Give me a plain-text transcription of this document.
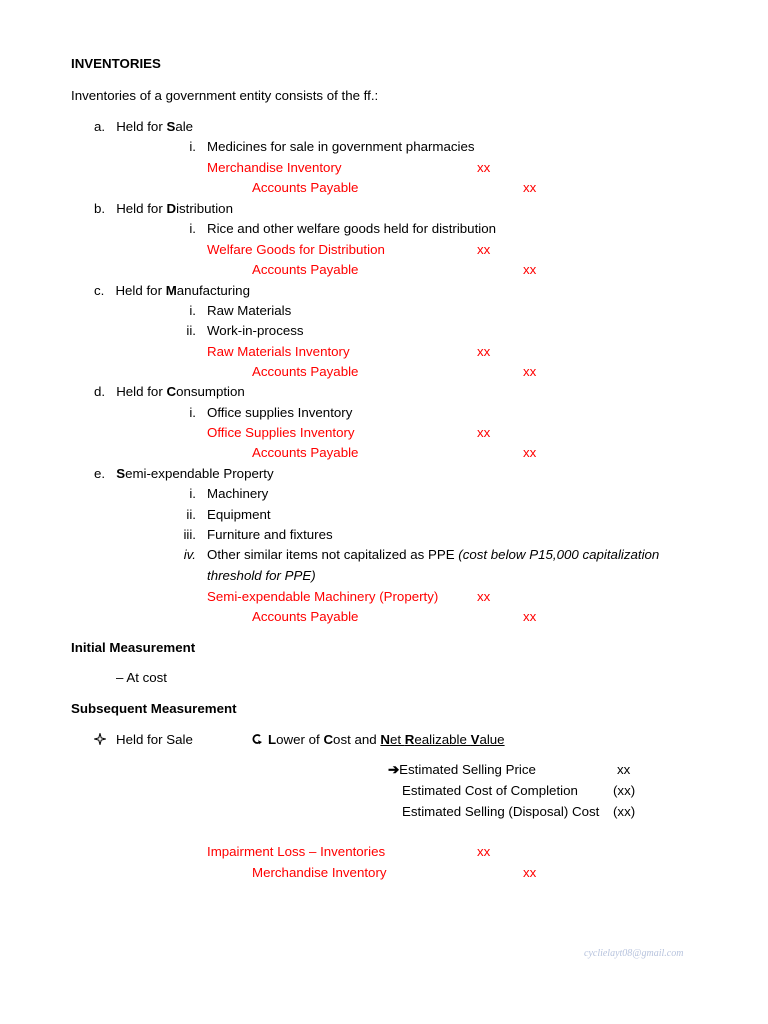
INVENTORIES
Inventories of a government entity consists of the ff.:
a. Held for Sale
i. Medicines for sale in government pharmacies
Merchandise Inventory	xx
Accounts Payable	xx
b. Held for Distribution
i. Rice and other welfare goods held for distribution
Welfare Goods for Distribution	xx
Accounts Payable	xx
c. Held for Manufacturing
i. Raw Materials
ii. Work-in-process
Raw Materials Inventory	xx
Accounts Payable	xx
d. Held for Consumption
i. Office supplies Inventory
Office Supplies Inventory	xx
Accounts Payable	xx
e. Semi-expendable Property
i. Machinery
ii. Equipment
iii. Furniture and fixtures
iv. Other similar items not capitalized as PPE (cost below P15,000 capitalization
threshold for PPE)
Semi-expendable Machinery (Property)	xx
Accounts Payable	xx
Initial Measurement
– At cost
Subsequent Measurement
Held for Sale	Lower of Cost and Net Realizable Value
➔Estimated Selling Price	xx
Estimated Cost of Completion	(xx)
Estimated Selling (Disposal) Cost (xx)
Impairment Loss – Inventories	xx
Merchandise Inventory	xx
cyclielayt08@gmail.com
